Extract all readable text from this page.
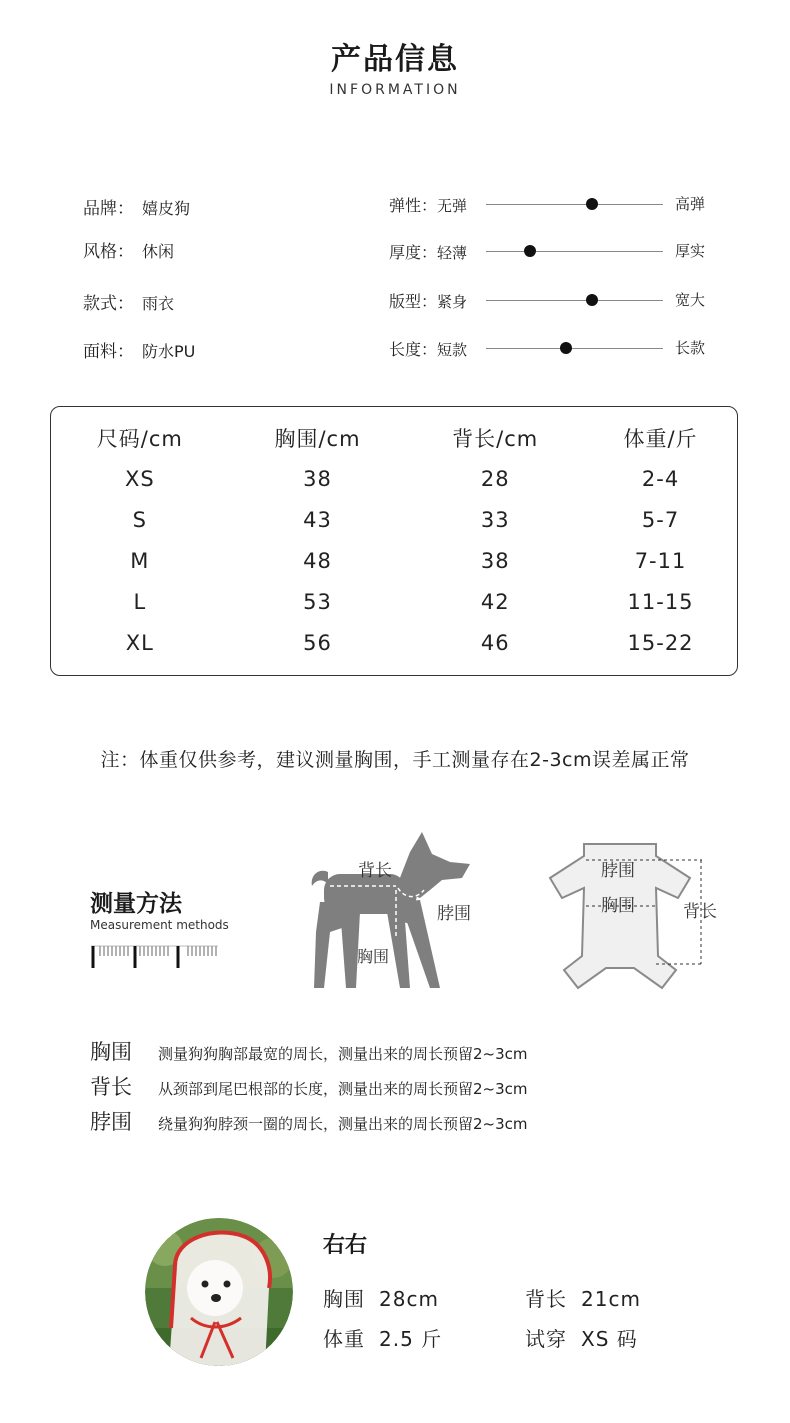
产品信息
INFORMATION
品牌： 嬉皮狗
风格： 休闲
款式： 雨衣
面料： 防水PU
弹性：无弹	高弹
厚度：轻薄	厚实
版型：紧身	宽大
长度：短款	长款
尺码/cm	胸围/cm	背长/cm	体重/斤
XS	38	28	2-4
S	43	33	5-7
M	48	38	7-11
L	53	42	11-15
XL	56	46	15-22
注：体重仅供参考，建议测量胸围，手工测量存在2-3cm误差属正常
测量方法
Measurement methods
背长
脖围
胸围
脖围
胸围	背长
胸围 测量狗狗胸部最宽的周长，测量出来的周长预留2~3cm
背长 从颈部到尾巴根部的长度，测量出来的周长预留2~3cm
脖围 绕量狗狗脖颈一圈的周长，测量出来的周长预留2~3cm
右右
胸围 28cm	背长 21cm
体重 2.5 斤	试穿 XS 码
